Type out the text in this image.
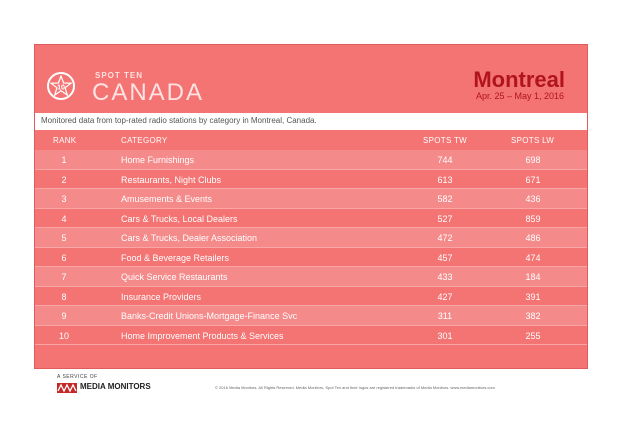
10
SPOT TEN
CANADA	Montreal
Apr. 25 – May 1, 2016
Monitored data from top-rated radio stations by category in Montreal, Canada.
RANK	CATEGORY	SPOTS TW	SPOTS LW
1	Home Furnishings	744	698
2	Restaurants, Night Clubs	613	671
3	Amusements & Events	582	436
4	Cars & Trucks, Local Dealers	527	859
5	Cars & Trucks, Dealer Association	472	486
6	Food & Beverage Retailers	457	474
7	Quick Service Restaurants	433	184
8	Insurance Providers	427	391
9	Banks-Credit Unions-Mortgage-Finance Svc	311	382
10	Home Improvement Products & Services	301	255
A SERVICE OF
MEDIA MONITORS	© 2016 Media Monitors. All Rights Reserved. Media Monitors, Spot Ten and their logos are registered trademarks of Media Monitors. www.mediamonitors.com
